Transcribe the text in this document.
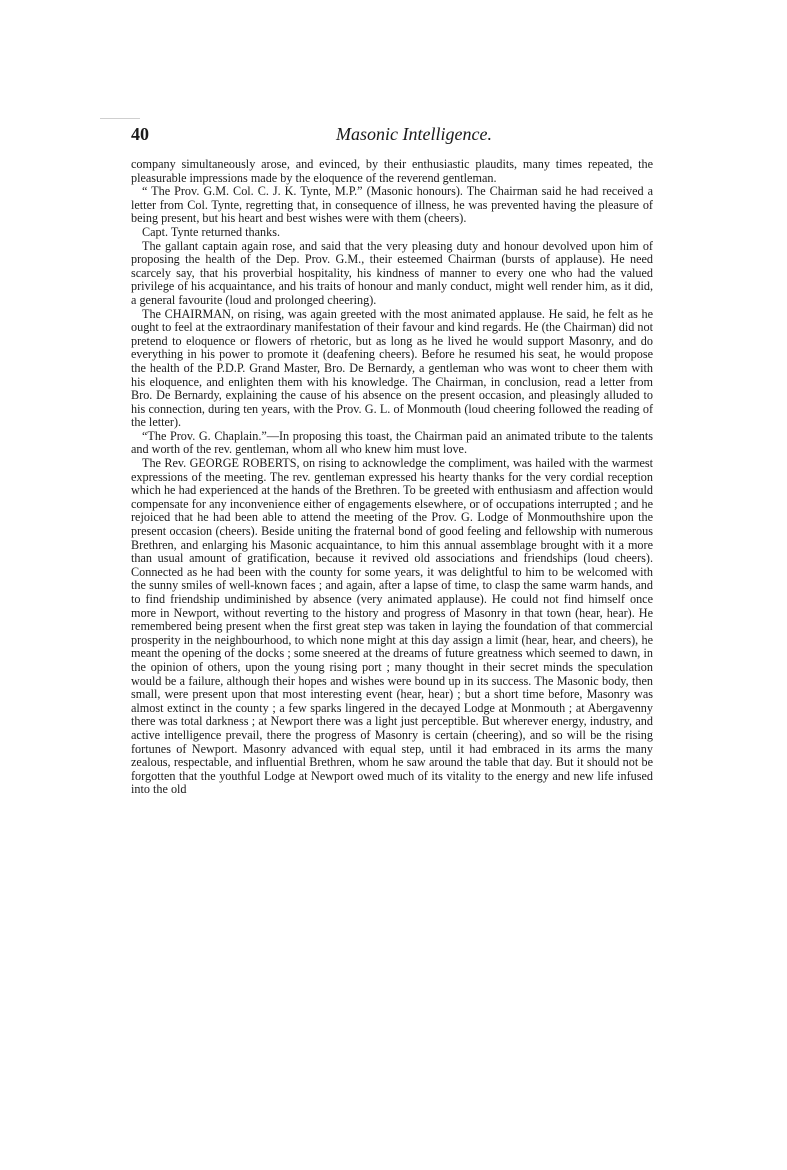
40	Masonic Intelligence.

company simultaneously arose, and evinced, by their enthusiastic plaudits, many times repeated, the pleasurable impressions made by the eloquence of the reverend gentleman.

“ The Prov. G.M. Col. C. J. K. Tynte, M.P.” (Masonic honours). The Chairman said he had received a letter from Col. Tynte, regretting that, in consequence of illness, he was prevented having the pleasure of being present, but his heart and best wishes were with them (cheers).

Capt. Tynte returned thanks.

The gallant captain again rose, and said that the very pleasing duty and honour devolved upon him of proposing the health of the Dep. Prov. G.M., their esteemed Chairman (bursts of applause). He need scarcely say, that his proverbial hospitality, his kindness of manner to every one who had the valued privilege of his acquaintance, and his traits of honour and manly conduct, might well render him, as it did, a general favourite (loud and prolonged cheering).

The CHAIRMAN, on rising, was again greeted with the most animated applause. He said, he felt as he ought to feel at the extraordinary manifestation of their favour and kind regards. He (the Chairman) did not pretend to eloquence or flowers of rhetoric, but as long as he lived he would support Masonry, and do everything in his power to promote it (deafening cheers). Before he resumed his seat, he would propose the health of the P.D.P. Grand Master, Bro. De Bernardy, a gentleman who was wont to cheer them with his eloquence, and enlighten them with his knowledge. The Chairman, in conclusion, read a letter from Bro. De Bernardy, explaining the cause of his absence on the present occasion, and pleasingly alluded to his connection, during ten years, with the Prov. G. L. of Monmouth (loud cheering followed the reading of the letter).

“The Prov. G. Chaplain.”—In proposing this toast, the Chairman paid an animated tribute to the talents and worth of the rev. gentleman, whom all who knew him must love.

The Rev. GEORGE ROBERTS, on rising to acknowledge the compliment, was hailed with the warmest expressions of the meeting. The rev. gentleman expressed his hearty thanks for the very cordial reception which he had experienced at the hands of the Brethren. To be greeted with enthusiasm and affection would compensate for any inconvenience either of engagements elsewhere, or of occupations interrupted ; and he rejoiced that he had been able to attend the meeting of the Prov. G. Lodge of Monmouthshire upon the present occasion (cheers). Beside uniting the fraternal bond of good feeling and fellowship with numerous Brethren, and enlarging his Masonic acquaintance, to him this annual assemblage brought with it a more than usual amount of gratification, because it revived old associations and friendships (loud cheers). Connected as he had been with the county for some years, it was delightful to him to be welcomed with the sunny smiles of well-known faces ; and again, after a lapse of time, to clasp the same warm hands, and to find friendship undiminished by absence (very animated applause). He could not find himself once more in Newport, without reverting to the history and progress of Masonry in that town (hear, hear). He remembered being present when the first great step was taken in laying the foundation of that commercial prosperity in the neighbourhood, to which none might at this day assign a limit (hear, hear, and cheers), he meant the opening of the docks ; some sneered at the dreams of future greatness which seemed to dawn, in the opinion of others, upon the young rising port ; many thought in their secret minds the speculation would be a failure, although their hopes and wishes were bound up in its success. The Masonic body, then small, were present upon that most interesting event (hear, hear) ; but a short time before, Masonry was almost extinct in the county ; a few sparks lingered in the decayed Lodge at Monmouth ; at Abergavenny there was total darkness ; at Newport there was a light just perceptible. But wherever energy, industry, and active intelligence prevail, there the progress of Masonry is certain (cheering), and so will be the rising fortunes of Newport. Masonry advanced with equal step, until it had embraced in its arms the many zealous, respectable, and influential Brethren, whom he saw around the table that day. But it should not be forgotten that the youthful Lodge at Newport owed much of its vitality to the energy and new life infused into the old
